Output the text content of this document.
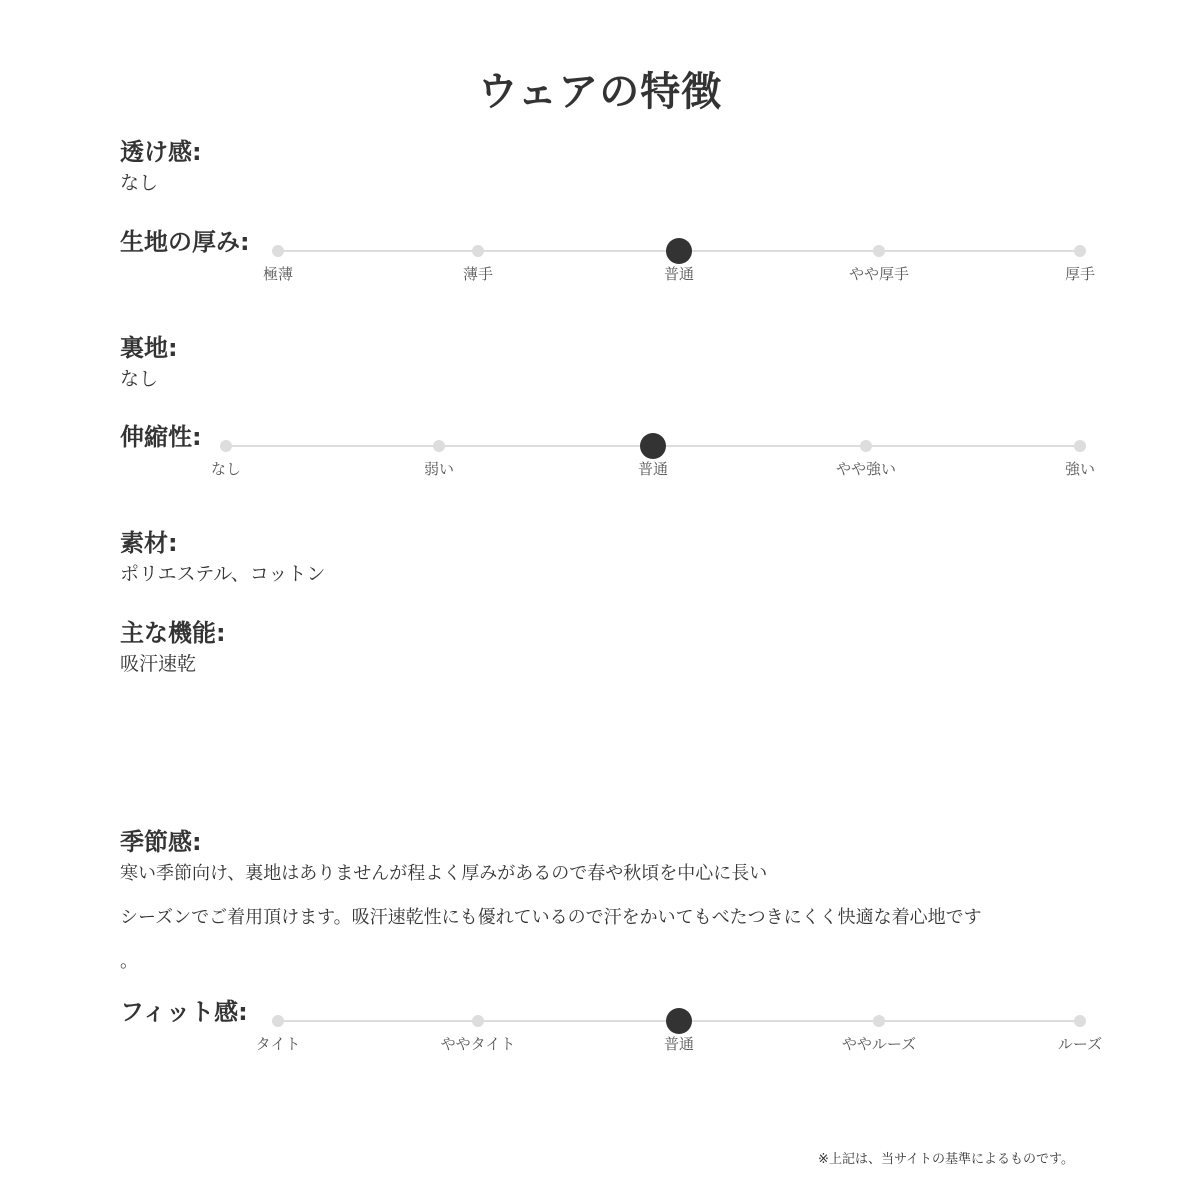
ウェアの特徴
透け感:
なし
生地の厚み:
極薄	薄手	普通	やや厚手	厚手
裏地:
なし
伸縮性:
なし	弱い	普通	やや強い	強い
素材:
ポリエステル、コットン
主な機能:
吸汗速乾
季節感:
寒い季節向け、裏地はありませんが程よく厚みがあるので春や秋頃を中心に長い
シーズンでご着用頂けます。吸汗速乾性にも優れているので汗をかいてもべたつきにくく快適な着心地です
。
フィット感:
タイト	ややタイト	普通	ややルーズ	ルーズ
※上記は、当サイトの基準によるものです。
